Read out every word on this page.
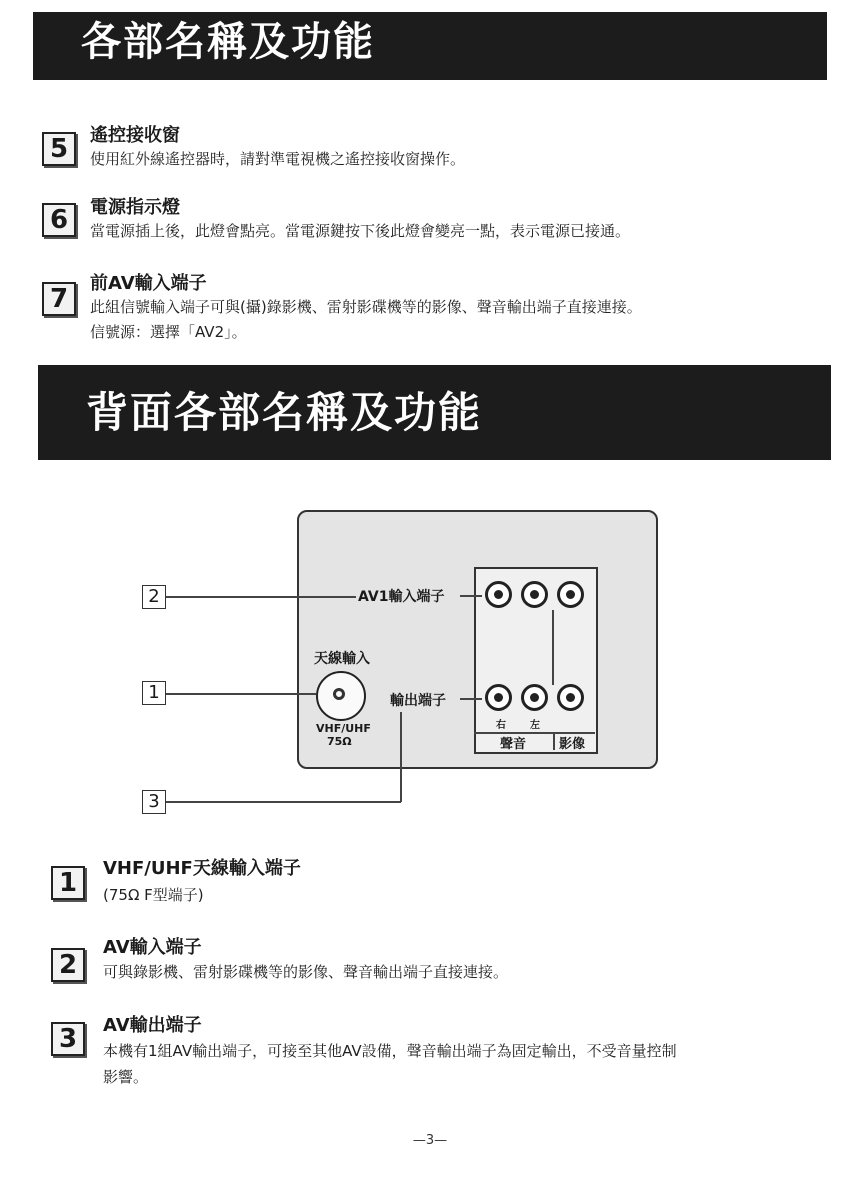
各部名稱及功能
5	遙控接收窗
使用紅外線遙控器時，請對準電視機之遙控接收窗操作。
6	電源指示燈
當電源插上後，此燈會點亮。當電源鍵按下後此燈會變亮一點，表示電源已接通。
7
前AV輸入端子
此組信號輸入端子可與(攝)錄影機、雷射影碟機等的影像、聲音輸出端子直接連接。
信號源：選擇「AV2」。
背面各部名稱及功能
右 左
聲音	影像
AV1輸入端子
天線輸入
輸出端子
VHF/UHF
75Ω
2
1
3
1	VHF/UHF天線輸入端子
(75Ω F型端子)
2
AV輸入端子
可與錄影機、雷射影碟機等的影像、聲音輸出端子直接連接。
3	AV輸出端子
本機有1組AV輸出端子，可接至其他AV設備，聲音輸出端子為固定輸出，不受音量控制
影響。
—3—
